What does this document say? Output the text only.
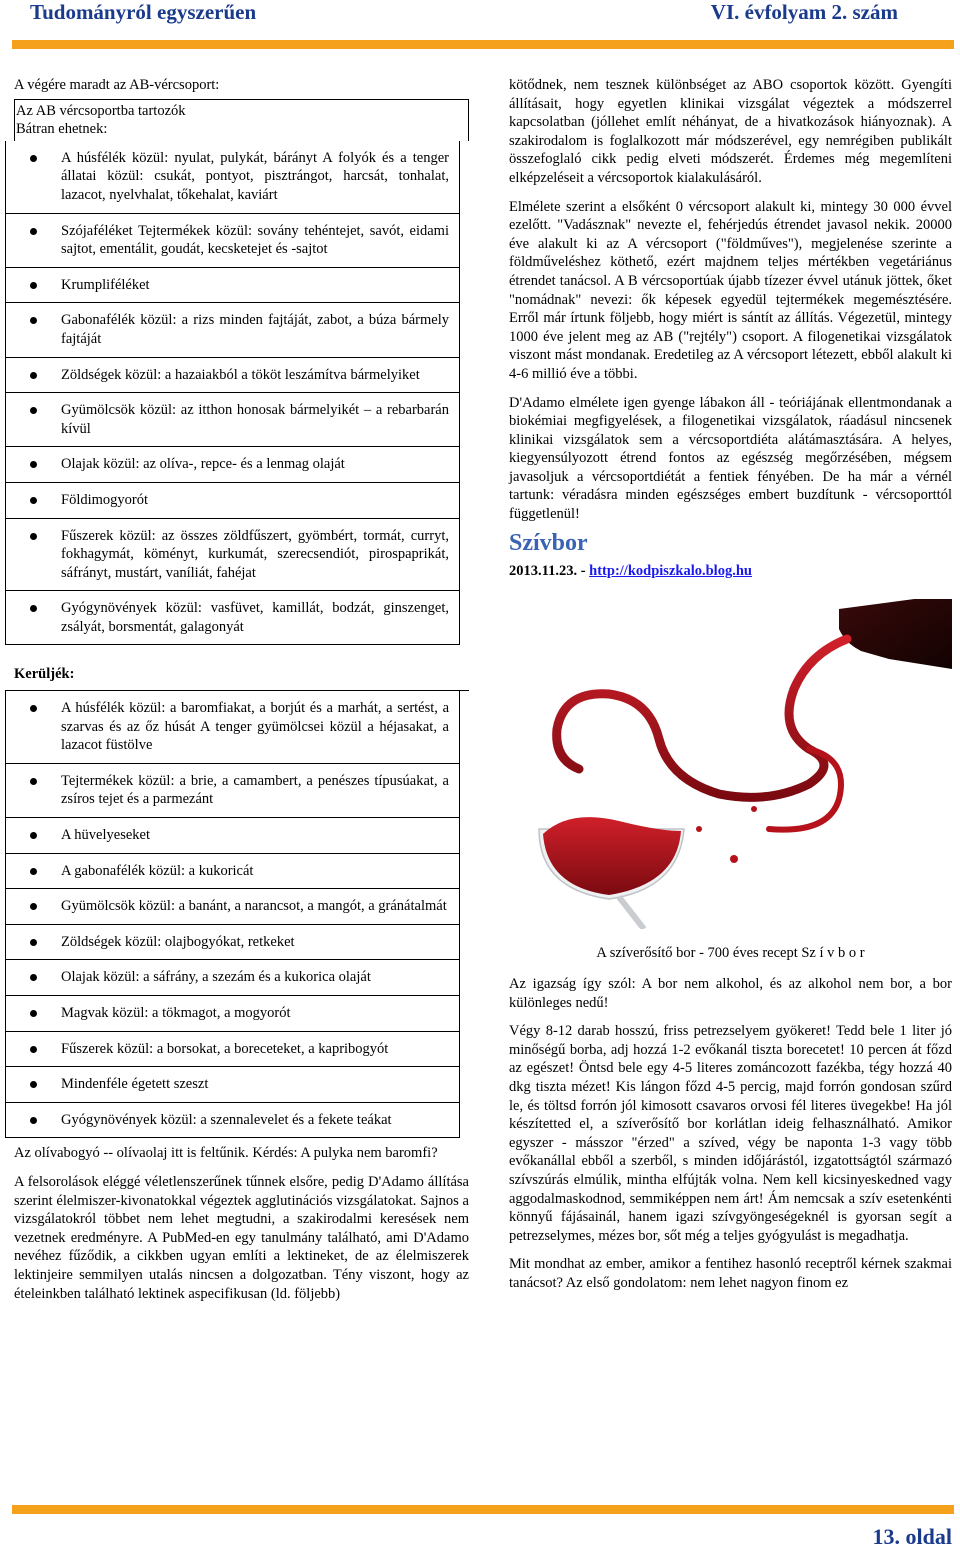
Tudományról egyszerűen	VI. évfolyam 2. szám
A végére maradt az AB-vércsoport:
Az AB vércsoportba tartozók
Bátran ehetnek:
	A húsfélék közül: nyulat, pulykát, bárányt A folyók és a tenger állatai közül: csukát, pontyot, pisztrángot, harcsát, tonhalat, lazacot, nyelvhalat, tőkehalat, kaviárt
	Szójaféléket Tejtermékek közül: sovány tehéntejet, savót, eidami sajtot, ementálit, goudát, kecsketejet és -sajtot
	Krumpliféléket
	Gabonafélék közül: a rizs minden fajtáját, zabot, a búza bármely fajtáját
	Zöldségek közül: a hazaiakból a tököt leszámítva bármelyiket
	Gyümölcsök közül: az itthon honosak bármelyikét – a rebarbarán kívül
	Olajak közül: az olíva-, repce- és a lenmag olaját
	Földimogyorót
	Fűszerek közül: az összes zöldfűszert, gyömbért, tormát, curryt, fokhagymát, köményt, kurkumát, szerecsendiót, pirospaprikát, sáfrányt, mustárt, vaníliát, fahéjat
	Gyógynövények közül: vasfüvet, kamillát, bodzát, ginszenget, zsályát, borsmentát, galagonyát
Kerüljék:
	A húsfélék közül: a baromfiakat, a borjút és a marhát, a sertést, a szarvas és az őz húsát A tenger gyümölcsei közül a héjasakat, a lazacot füstölve
	Tejtermékek közül: a brie, a camambert, a penészes típusúakat, a zsíros tejet és a parmezánt
	A hüvelyeseket
	A gabonafélék közül: a kukoricát
	Gyümölcsök közül: a banánt, a narancsot, a mangót, a gránátalmát
	Zöldségek közül: olajbogyókat, retkeket
	Olajak közül: a sáfrány, a szezám és a kukorica olaját
	Magvak közül: a tökmagot, a mogyorót
	Fűszerek közül: a borsokat, a boreceteket, a kapribogyót
	Mindenféle égetett szeszt
	Gyógynövények közül: a szennalevelet és a fekete teákat

Az olívabogyó -- olívaolaj itt is feltűnik. Kérdés: A pulyka nem baromfi?

A felsorolások eléggé véletlenszerűnek tűnnek elsőre, pedig D'Adamo állítása szerint élelmiszer-kivonatokkal végeztek agglutinációs vizsgálatokat. Sajnos a vizsgálatokról többet nem lehet megtudni, a szakirodalmi keresések nem vezetnek eredményre. A PubMed-en egy tanulmány található, ami D'Adamo nevéhez fűződik, a cikkben ugyan említi a lektineket, de az élelmiszerek lektinjeire semmilyen utalás nincsen a dolgozatban. Tény viszont, hogy az ételeinkben található lektinek aspecifikusan (ld. följebb)

kötődnek, nem tesznek különbséget az ABO csoportok között. Gyengíti állításait, hogy egyetlen klinikai vizsgálat végeztek a módszerrel kapcsolatban (jóllehet említ néhányat, de a hivatkozások hiányoznak). A szakirodalom is foglalkozott már módszerével, egy nemrégiben publikált összefoglaló cikk pedig elveti módszerét. Érdemes még megemlíteni elképzeléseit a vércsoportok kialakulásáról.

Elmélete szerint a elsőként 0 vércsoport alakult ki, mintegy 30 000 évvel ezelőtt. "Vadásznak" nevezte el, fehérjedús étrendet javasol nekik. 20000 éve alakult ki az A vércsoport ("földműves"), megjelenése szerinte a földműveléshez köthető, ezért majdnem teljes mértékben vegetáriánus étrendet tanácsol. A B vércsoportúak újabb tízezer évvel utánuk jöttek, őket "nomádnak" nevezi: ők képesek egyedül tejtermékek megemésztésére. Erről már írtunk följebb, hogy miért is sántít az állítás. Végezetül, mintegy 1000 éve jelent meg az AB ("rejtély") csoport. A filogenetikai vizsgálatok viszont mást mondanak. Eredetileg az A vércsoport létezett, ebből alakult ki 4-6 millió éve a többi.

D'Adamo elmélete igen gyenge lábakon áll - teóriájának ellentmondanak a biokémiai megfigyelések, a filogenetikai vizsgálatok, ráadásul nincsenek klinikai vizsgálatok sem a vércsoportdiéta alátámasztására. A helyes, kiegyensúlyozott étrend fontos az egészség megőrzésében, mégsem javasoljuk a vércsoportdiétát a fentiek fényében. De ha már a vérnél tartunk: véradásra minden egészséges embert buzdítunk - vércsoporttól függetlenül!

Szívbor
2013.11.23. - http://kodpiszkalo.blog.hu
A szíverősítő bor - 700 éves recept Sz í v b o r

Az igazság így szól: A bor nem alkohol, és az alkohol nem bor, a bor különleges nedű!

Végy 8-12 darab hosszú, friss petrezselyem gyökeret! Tedd bele 1 liter jó minőségű borba, adj hozzá 1-2 evőkanál tiszta borecetet! 10 percen át főzd az egészet! Öntsd bele egy 4-5 literes zománcozott fazékba, tégy hozzá 40 dkg tiszta mézet! Kis lángon főzd 4-5 percig, majd forrón gondosan szűrd le, és töltsd forrón jól kimosott csavaros orvosi fél literes üvegekbe! Ha jól készítetted el, a szíverősítő bor korlátlan ideig felhasználható. Amikor egyszer - másszor "érzed" a szíved, végy be naponta 1-3 vagy több evőkanállal ebből a szerből, s minden időjárástól, izgatottságtól származó szívszúrás elmúlik, mintha elfújták volna. Nem kell kicsinyeskedned vagy aggodalmaskodnod, semmiképpen nem árt! Ám nemcsak a szív esetenkénti könnyű fájásainál, hanem igazi szívgyöngeségeknél is gyorsan segít a petrezselymes, mézes bor, sőt még a teljes gyógyulást is megadhatja.

Mit mondhat az ember, amikor a fentihez hasonló receptről kérnek szakmai tanácsot? Az első gondolatom: nem lehet nagyon finom ez

13. oldal
